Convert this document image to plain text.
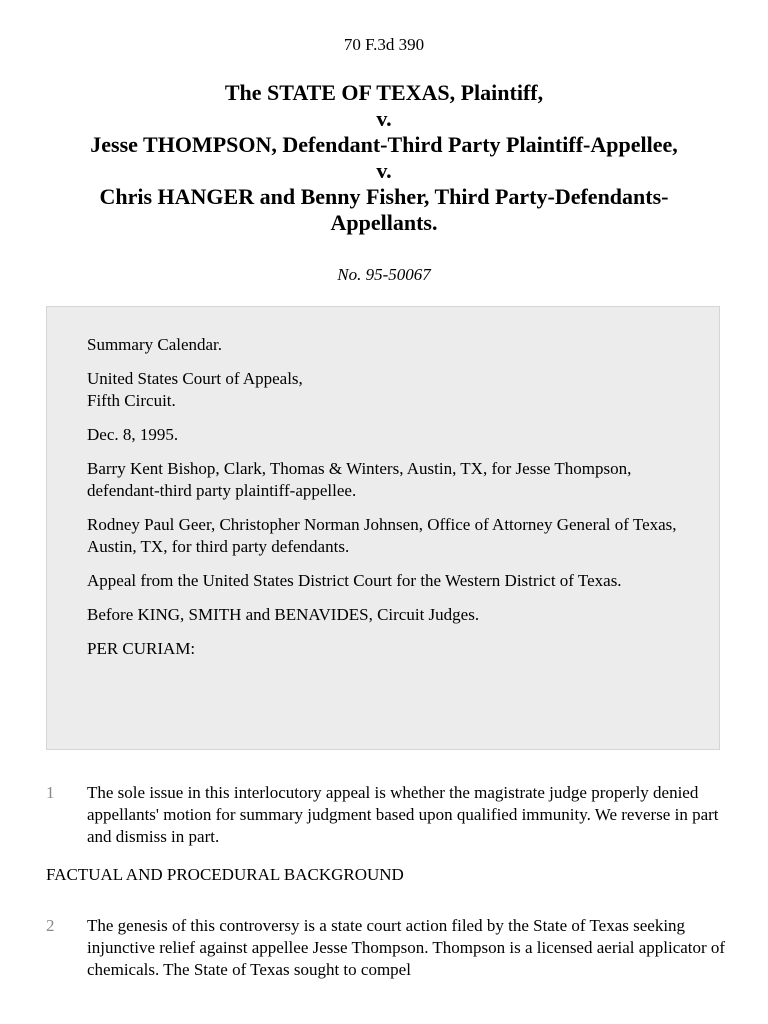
70 F.3d 390
The STATE OF TEXAS, Plaintiff,
v.
Jesse THOMPSON, Defendant-Third Party Plaintiff-Appellee,
v.
Chris HANGER and Benny Fisher, Third Party-Defendants-
Appellants.
No. 95-50067

Summary Calendar.

United States Court of Appeals,
Fifth Circuit.

Dec. 8, 1995.

Barry Kent Bishop, Clark, Thomas & Winters, Austin, TX, for Jesse Thompson, defendant-third party plaintiff-appellee.

Rodney Paul Geer, Christopher Norman Johnsen, Office of Attorney General of Texas, Austin, TX, for third party defendants.

Appeal from the United States District Court for the Western District of Texas.

Before KING, SMITH and BENAVIDES, Circuit Judges.

PER CURIAM:

1	The sole issue in this interlocutory appeal is whether the magistrate judge properly denied appellants' motion for summary judgment based upon qualified immunity. We reverse in part and dismiss in part.
FACTUAL AND PROCEDURAL BACKGROUND
2	The genesis of this controversy is a state court action filed by the State of Texas seeking injunctive relief against appellee Jesse Thompson. Thompson is a licensed aerial applicator of chemicals. The State of Texas sought to compel
